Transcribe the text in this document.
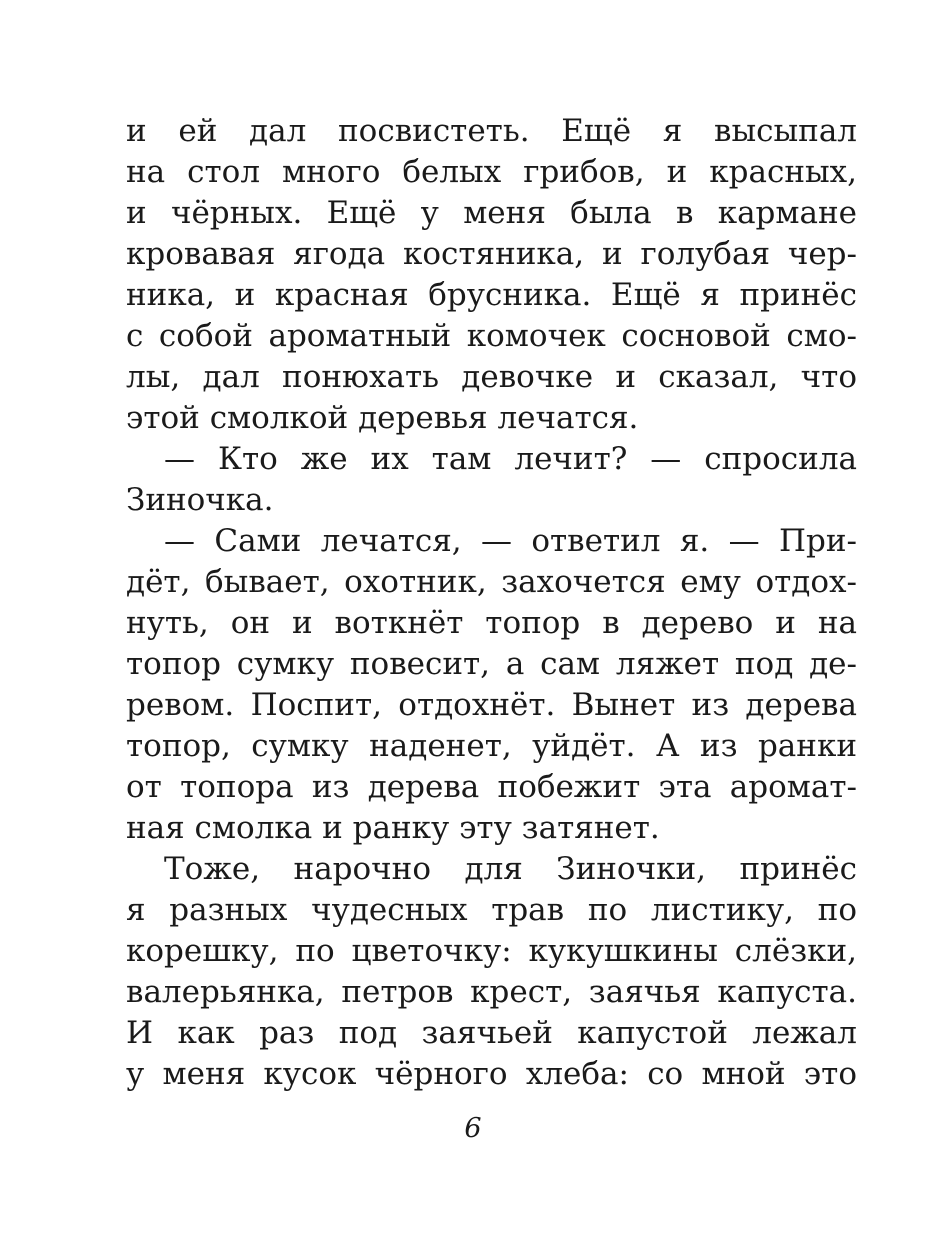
и ей дал посвистеть. Ещё я высыпал
на стол много белых грибов, и красных,
и чёрных. Ещё у меня была в кармане
кровавая ягода костяника, и голубая чер-
ника, и красная брусника. Ещё я принёс
с собой ароматный комочек сосновой смо-
лы, дал понюхать девочке и сказал, что
этой смолкой деревья лечатся.
— Кто же их там лечит? — спросила
Зиночка.
— Сами лечатся, — ответил я. — При-
дёт, бывает, охотник, захочется ему отдох-
нуть, он и воткнёт топор в дерево и на
топор сумку повесит, а сам ляжет под де-
ревом. Поспит, отдохнёт. Вынет из дерева
топор, сумку наденет, уйдёт. А из ранки
от топора из дерева побежит эта аромат-
ная смолка и ранку эту затянет.
Тоже, нарочно для Зиночки, принёс
я разных чудесных трав по листику, по
корешку, по цветочку: кукушкины слёзки,
валерьянка, петров крест, заячья капуста.
И как раз под заячьей капустой лежал
у меня кусок чёрного хлеба: со мной это
6
